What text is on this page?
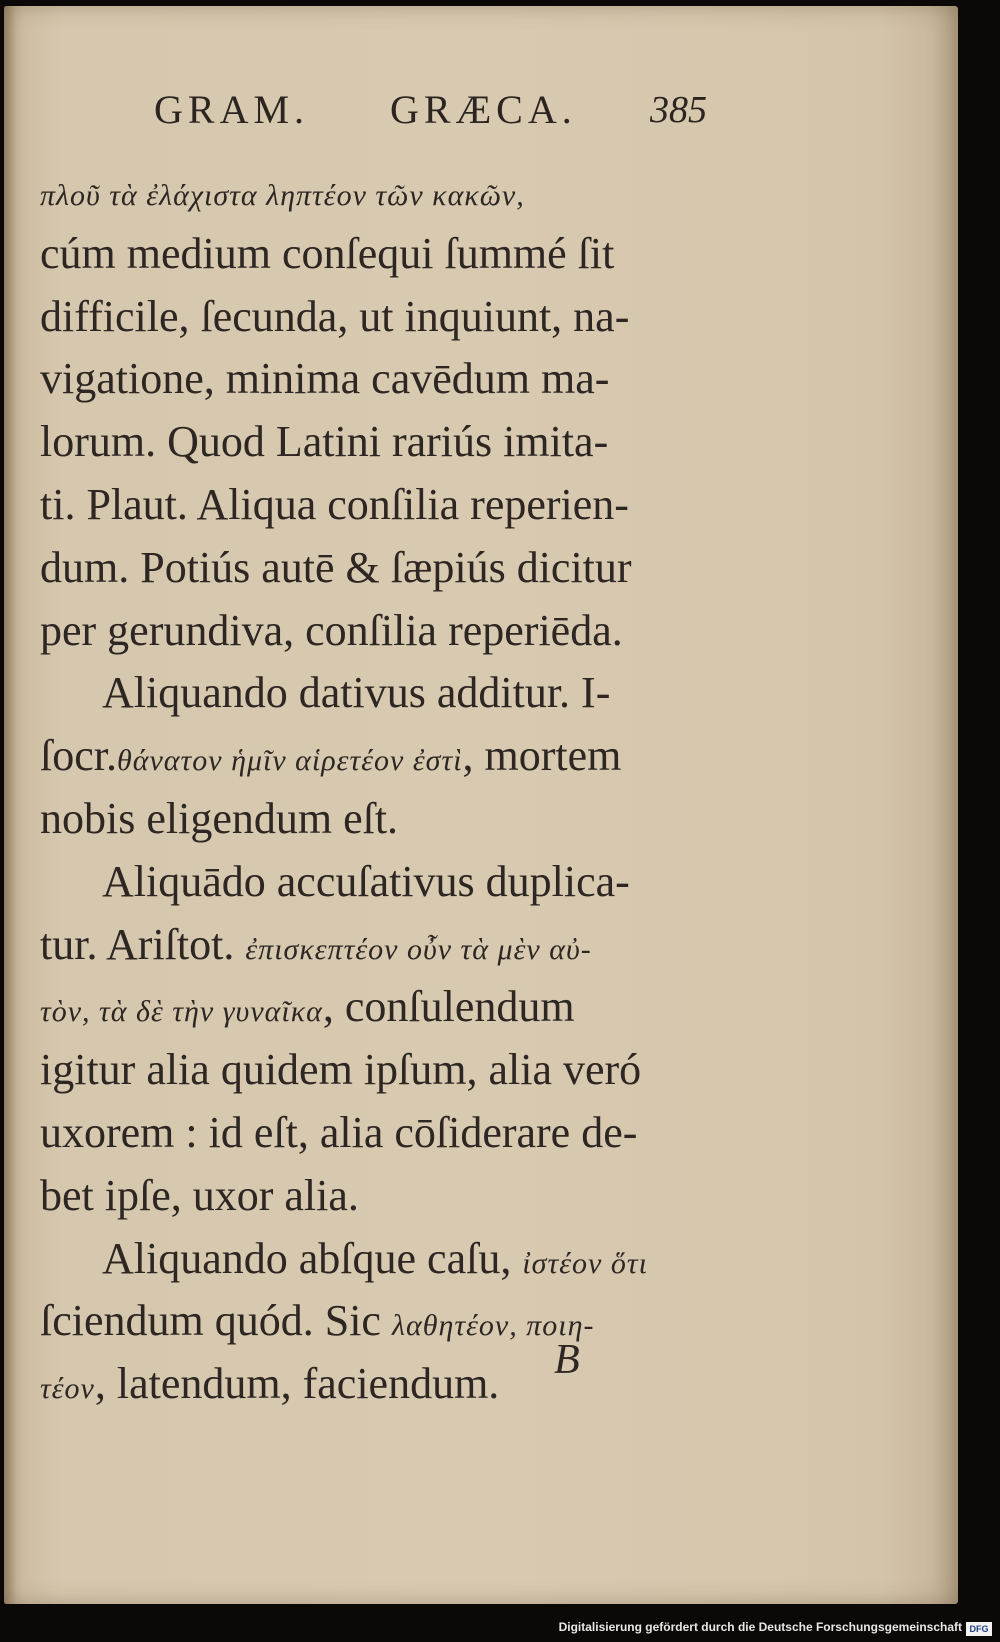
GRAM. GRÆCA. 385
πλοῦ τὰ ἐλάχιστα ληπτέον τῶν κακῶν,
cúm medium conſequi ſummé ſit
difficile, ſecunda, ut inquiunt, na-
vigatione, minima cavēdum ma-
lorum. Quod Latini rariús imita-
ti. Plaut. Aliqua conſilia reperien-
dum. Potiús autē & ſæpiús dicitur
per gerundiva, conſilia reperiēda.
Aliquando dativus additur. I-
ſocr.θάνατον ἡμῖν αἱρετέον ἐστὶ, mortem
nobis eligendum eſt.
Aliquādo accuſativus duplica-
tur. Ariſtot. ἐπισκεπτέον οὖν τὰ μὲν αὐ-
τὸν, τὰ δὲ τὴν γυναῖκα, conſulendum
igitur alia quidem ipſum, alia veró
uxorem : id eſt, alia cōſiderare de-
bet ipſe, uxor alia.
Aliquando abſque caſu, ἰστέον ὅτι
ſciendum quód. Sic λαθητέον, ποιη-
τέον, latendum, faciendum.	B
Digitalisierung gefördert durch die Deutsche Forschungsgemeinschaft DFG
